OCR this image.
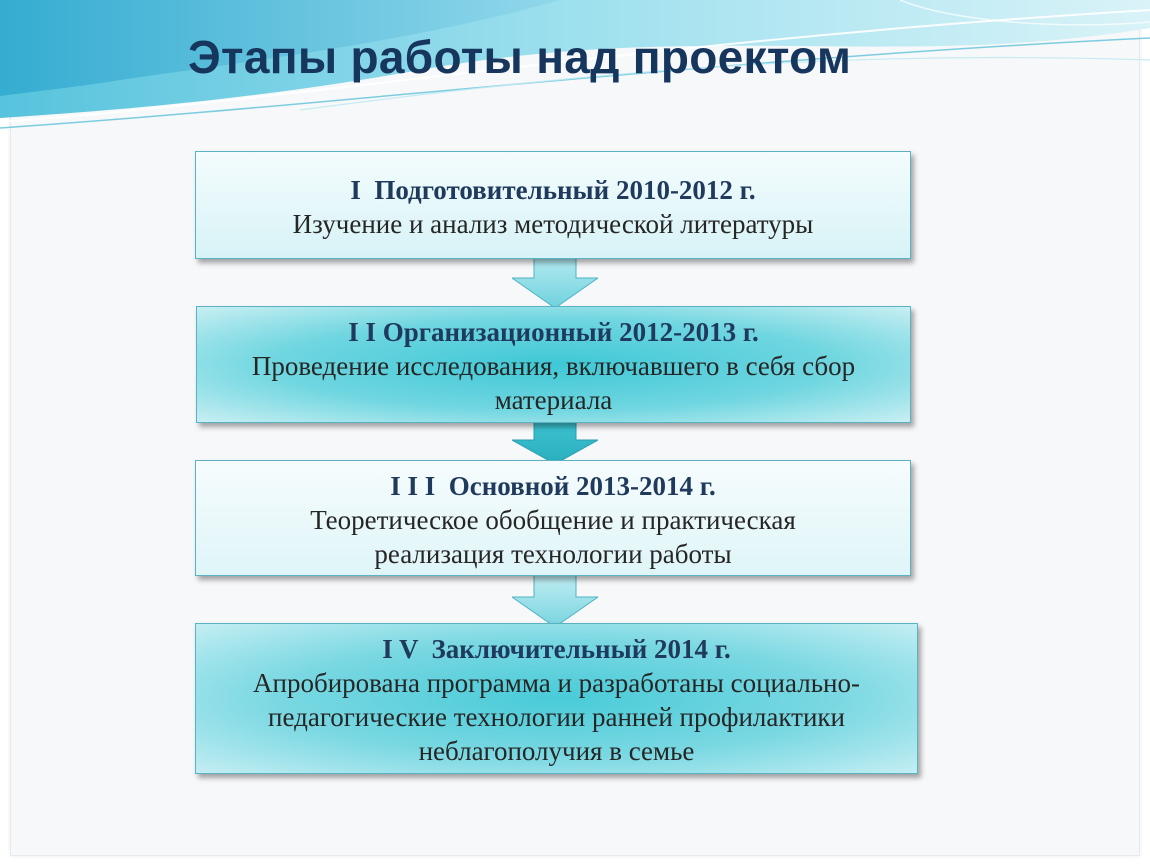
Этапы работы над проектом
I  Подготовительный 2010-2012 г.
Изучение и анализ методической литературы
I I Организационный 2012-2013 г.
Проведение исследования, включавшего в себя сбор материала
I I I  Основной 2013-2014 г.
Теоретическое обобщение и практическая реализация технологии работы
I V  Заключительный 2014 г.
Апробирована программа и разработаны социально-педагогические технологии ранней профилактики неблагополучия в семье
